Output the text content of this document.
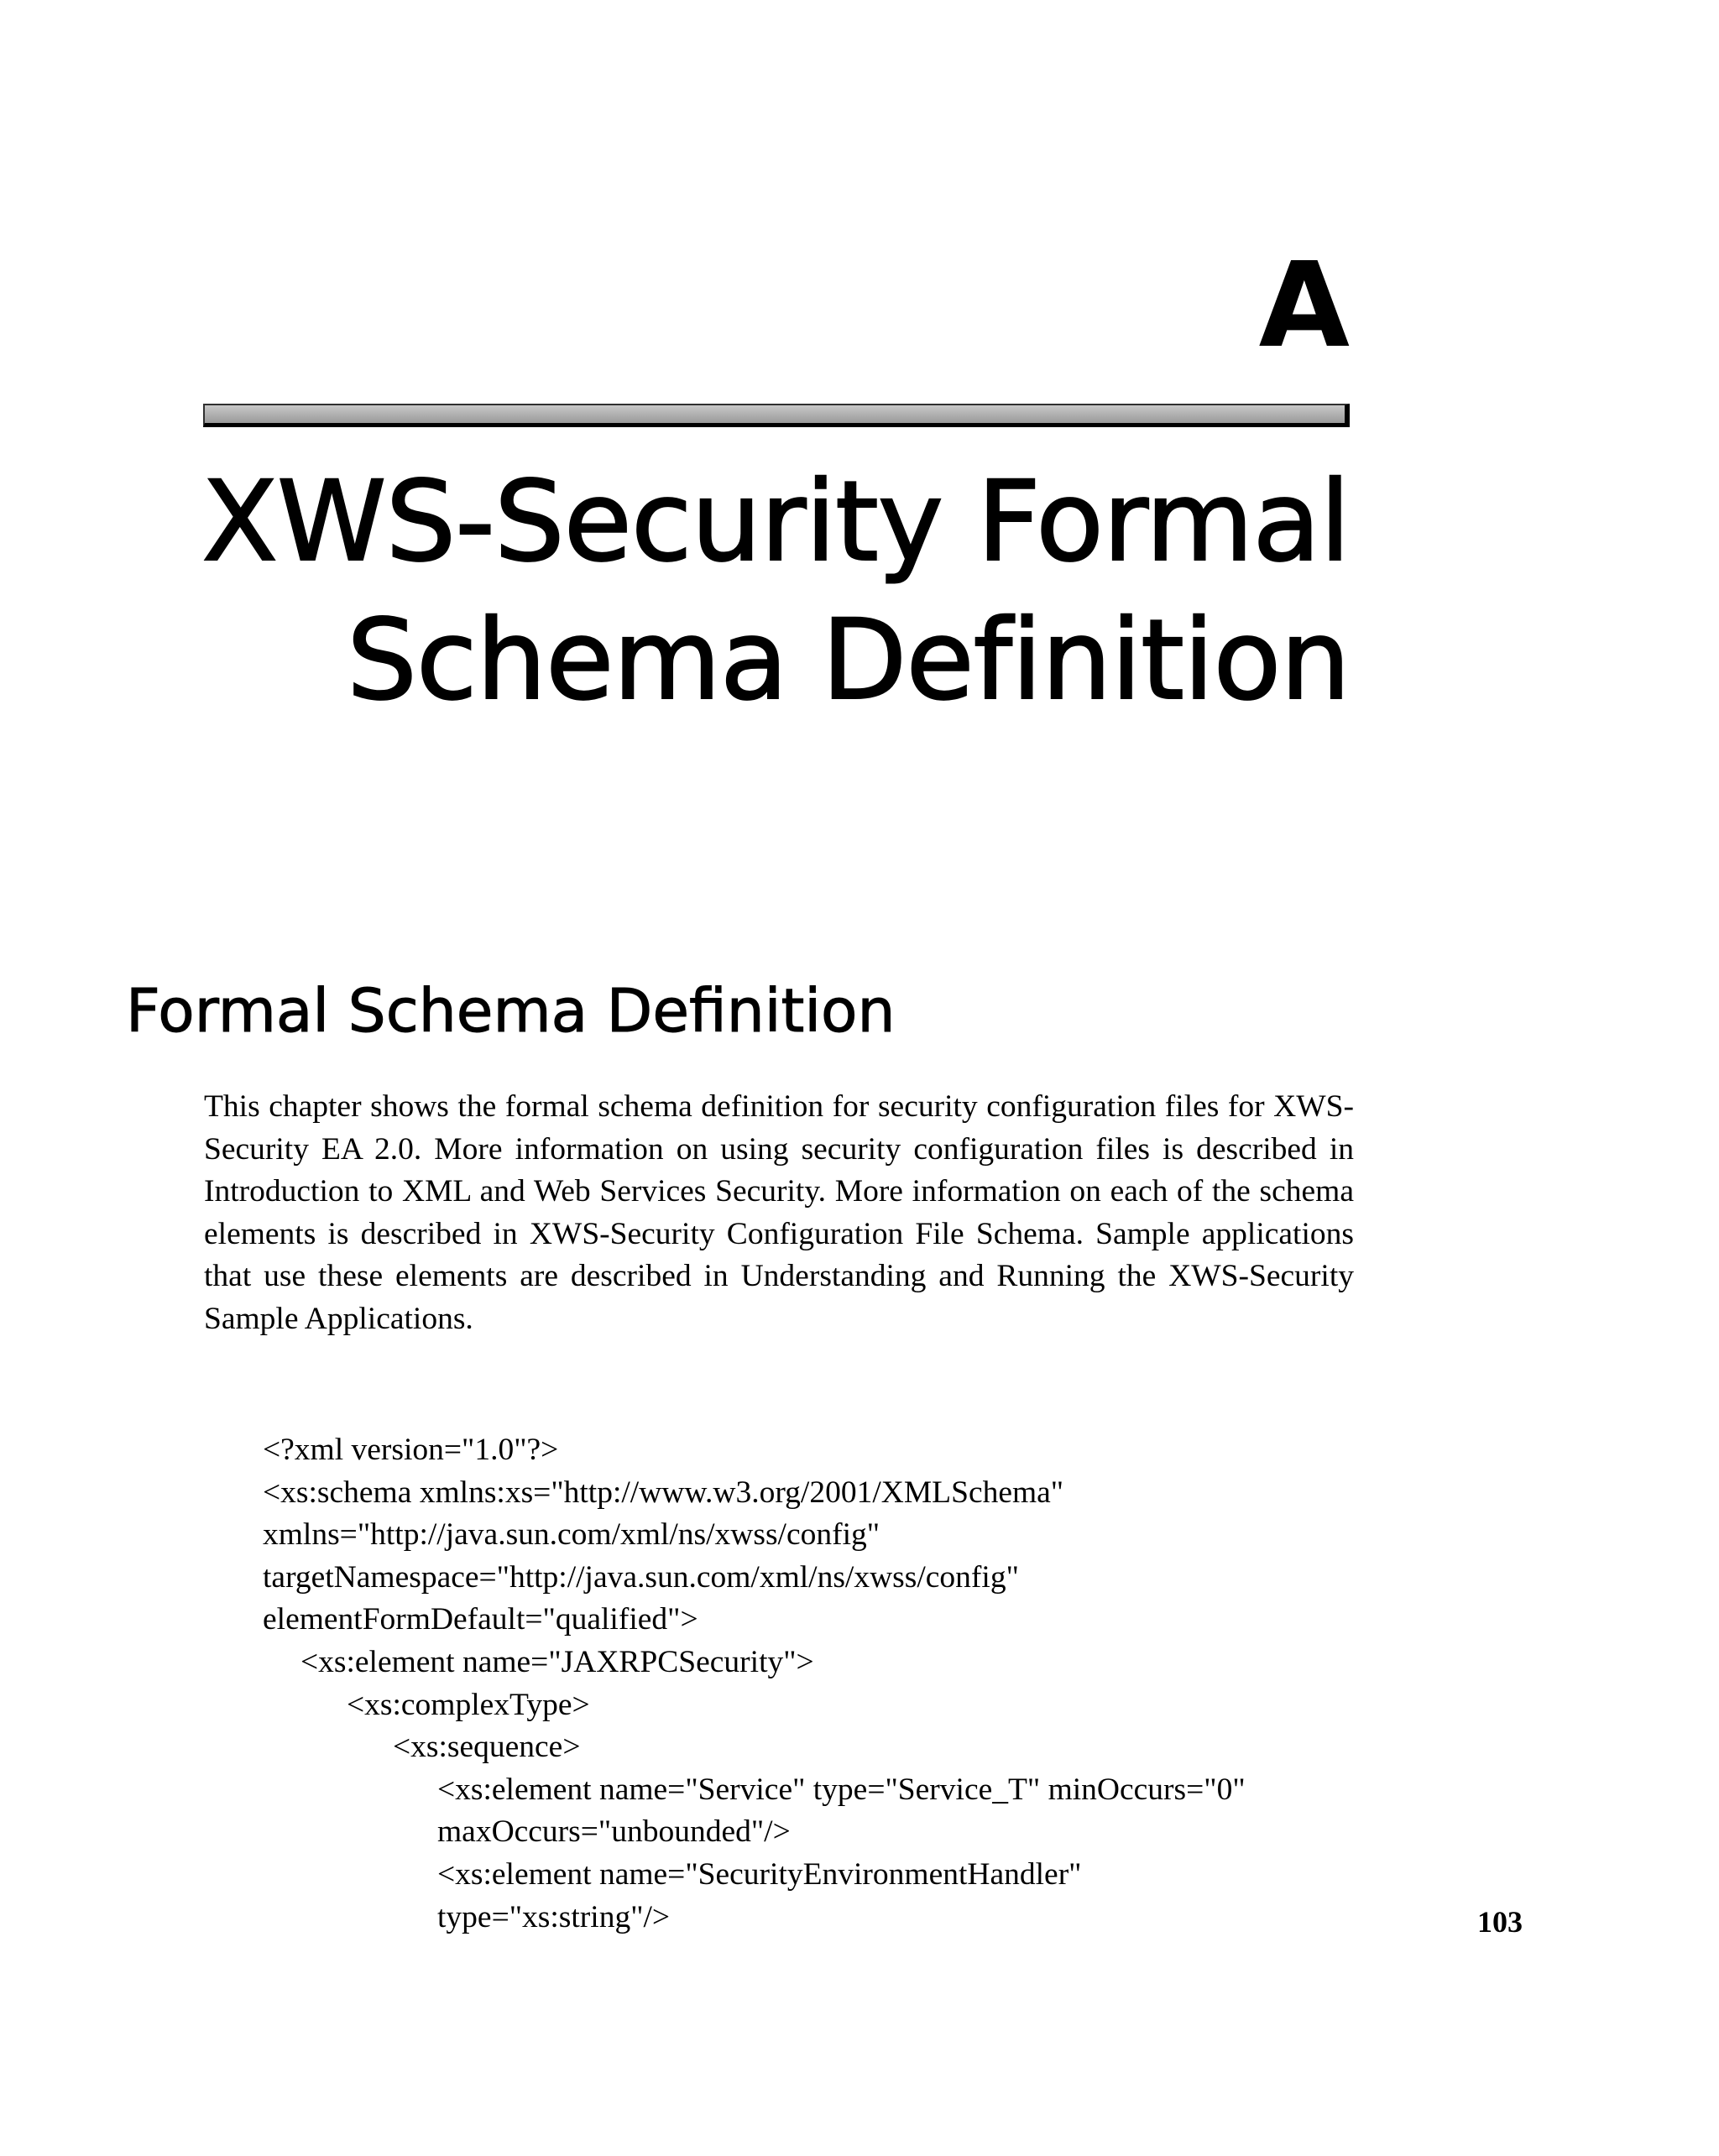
A
XWS-Security Formal
Schema Definition
Formal Schema Definition

This chapter shows the formal schema definition for security configuration files for XWS-Security EA 2.0. More information on using security configuration files is described in Introduction to XML and Web Services Security. More information on each of the schema elements is described in XWS-Security Configuration File Schema. Sample applications that use these elements are described in Understanding and Running the XWS-Security Sample Applications.

<?xml version="1.0"?>
<xs:schema xmlns:xs="http://www.w3.org/2001/XMLSchema"
xmlns="http://java.sun.com/xml/ns/xwss/config"
targetNamespace="http://java.sun.com/xml/ns/xwss/config"
elementFormDefault="qualified">
<xs:element name="JAXRPCSecurity">
<xs:complexType>
<xs:sequence>
<xs:element name="Service" type="Service_T" minOccurs="0"
maxOccurs="unbounded"/>
<xs:element name="SecurityEnvironmentHandler"
type="xs:string"/>	103
